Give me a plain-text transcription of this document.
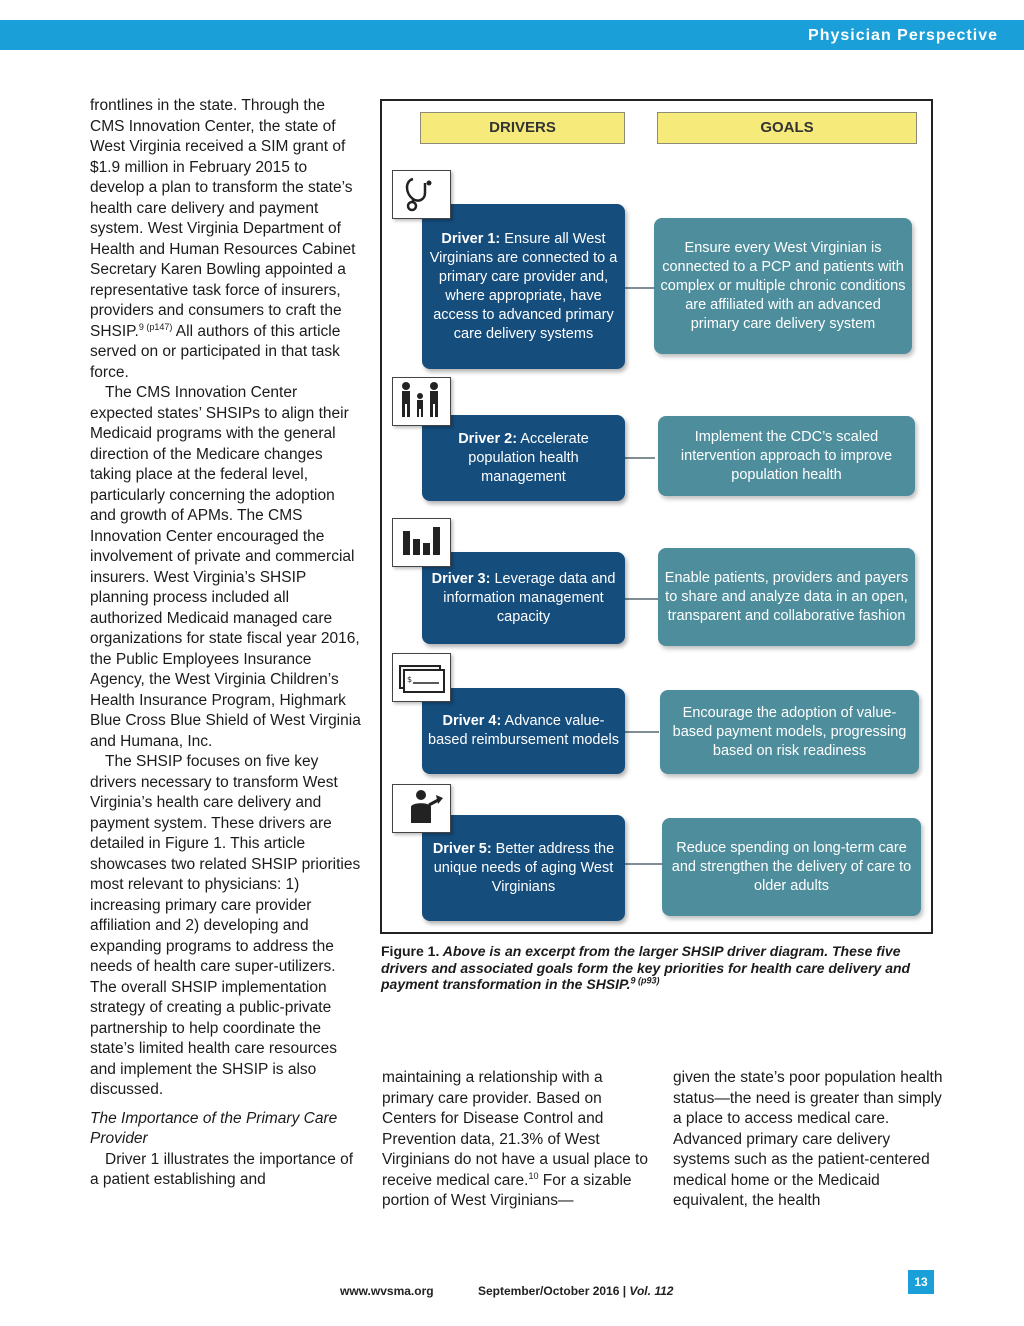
Physician Perspective

frontlines in the state. Through the CMS Innovation Center, the state of West Virginia received a SIM grant of $1.9 million in February 2015 to develop a plan to transform the state’s health care delivery and payment system. West Virginia Department of Health and Human Resources Cabinet Secretary Karen Bowling appointed a representative task force of insurers, providers and consumers to craft the SHSIP.$^{9 (p147)}$ All authors of this article served on or participated in that task force.

The CMS Innovation Center expected states’ SHSIPs to align their Medicaid programs with the general direction of the Medicare changes taking place at the federal level, particularly concerning the adoption and growth of APMs. The CMS Innovation Center encouraged the involvement of private and commercial insurers. West Virginia’s SHSIP planning process included all authorized Medicaid managed care organizations for state fiscal year 2016, the Public Employees Insurance Agency, the West Virginia Children’s Health Insurance Program, Highmark Blue Cross Blue Shield of West Virginia and Humana, Inc.

The SHSIP focuses on five key drivers necessary to transform West Virginia’s health care delivery and payment system. These drivers are detailed in Figure 1. This article showcases two related SHSIP priorities most relevant to physicians: 1) increasing primary care provider affiliation and 2) developing and expanding programs to address the needs of health care super-utilizers. The overall SHSIP implementation strategy of creating a public-private partnership to help coordinate the state’s limited health care resources and implement the SHSIP is also discussed.

The Importance of the Primary Care Provider

Driver 1 illustrates the importance of a patient establishing and

DRIVERS	GOALS
Driver 1: Ensure all West Virginians are connected to a primary care provider and, where appropriate, have access to advanced primary care delivery systems
Ensure every West Virginian is connected to a PCP and patients with complex or multiple chronic conditions are affiliated with an advanced primary care delivery system
Driver 2: Accelerate population health management
Implement the CDC’s scaled intervention approach to improve population health
Driver 3: Leverage data and information management capacity
Enable patients, providers and payers to share and analyze data in an open, transparent and collaborative fashion
Driver 4: Advance value-based reimbursement models
Encourage the adoption of value-based payment models, progressing based on risk readiness
$
Driver 5: Better address the unique needs of aging West Virginians
Reduce spending on long-term care and strengthen the delivery of care to older adults
Figure 1. Above is an excerpt from the larger SHSIP driver diagram. These five drivers and associated goals form the key priorities for health care delivery and payment transformation in the SHSIP.$^{9 (p93)}$

maintaining a relationship with a primary care provider. Based on Centers for Disease Control and Prevention data, 21.3% of West Virginians do not have a usual place to receive medical care.$^{10}$ For a sizable portion of West Virginians—

given the state’s poor population health status—the need is greater than simply a place to access medical care. Advanced primary care delivery systems such as the patient-centered medical home or the Medicaid equivalent, the health

www.wvsma.org	September/October 2016 | Vol. 112
13
